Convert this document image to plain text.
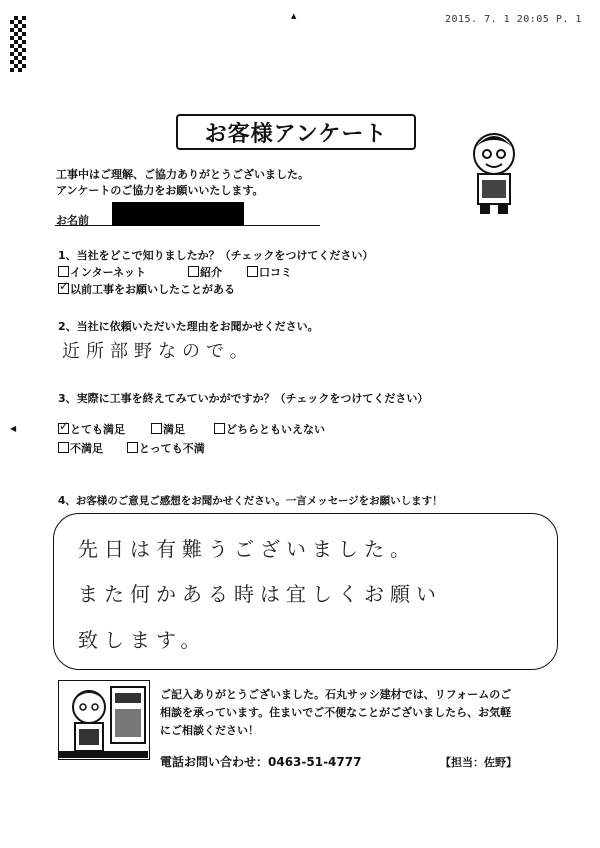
▲
◀
2015. 7. 1 20:05 P. 1
お客様アンケート
工事中はご理解、ご協力ありがとうございました。
アンケートのご協力をお願いいたします。
お名前
1、当社をどこで知りましたか？（チェックをつけてください）
インターネット	紹介	口コミ
✓ 以前工事をお願いしたことがある
2、当社に依頼いただいた理由をお聞かせください。
近所部野なので。
3、実際に工事を終えてみていかがですか？（チェックをつけてください）
✓ とても満足	満足	どちらともいえない
不満足	とっても不満
4、お客様のご意見ご感想をお聞かせください。一言メッセージをお願いします！
先日は有難うございました。
また何かある時は宜しくお願い
致します。
ご記入ありがとうございました。石丸サッシ建材では、リフォームのご
相談を承っています。住まいでご不便なことがございましたら、お気軽
にご相談ください！
電話お問い合わせ：0463-51-4777	【担当：佐野】
